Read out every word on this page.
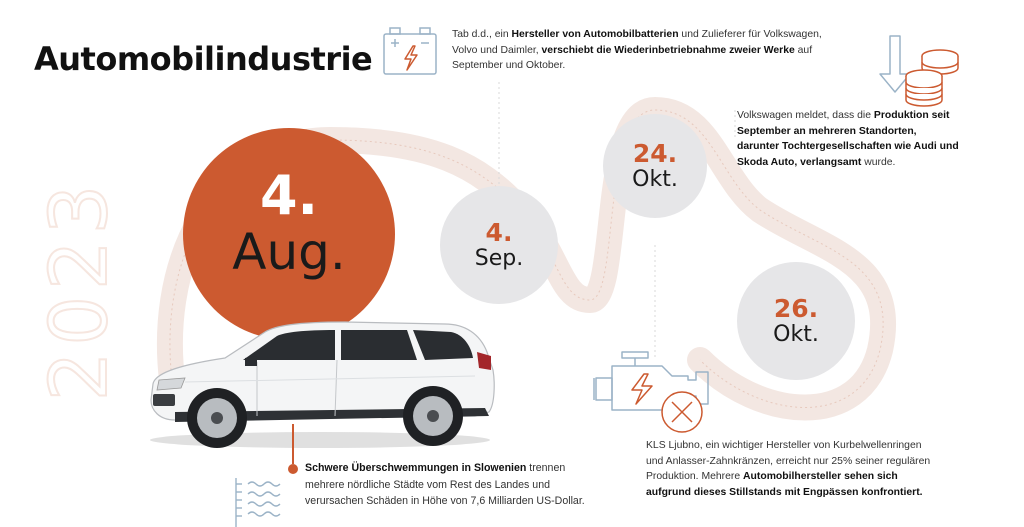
2023
Automobilindustrie
4.
Aug.	4.
Sep.
24.
Okt.
26.
Okt.

Tab d.d., ein Hersteller von Automobilbatterien und Zulieferer für Volkswagen, Volvo und Daimler, verschiebt die Wiederinbetriebnahme zweier Werke auf September und Oktober.

Volkswagen meldet, dass die Produktion seit September an mehreren Standorten, darunter Tochtergesellschaften wie Audi und Skoda Auto, verlangsamt wurde.

KLS Ljubno, ein wichtiger Hersteller von Kurbelwellenringen und Anlasser-Zahnkränzen, erreicht nur 25% seiner regulären Produktion. Mehrere Automobilhersteller sehen sich aufgrund dieses Stillstands mit Engpässen konfrontiert.

Schwere Überschwemmungen in Slowenien trennen mehrere nördliche Städte vom Rest des Landes und verursachen Schäden in Höhe von 7,6 Milliarden US-Dollar.
